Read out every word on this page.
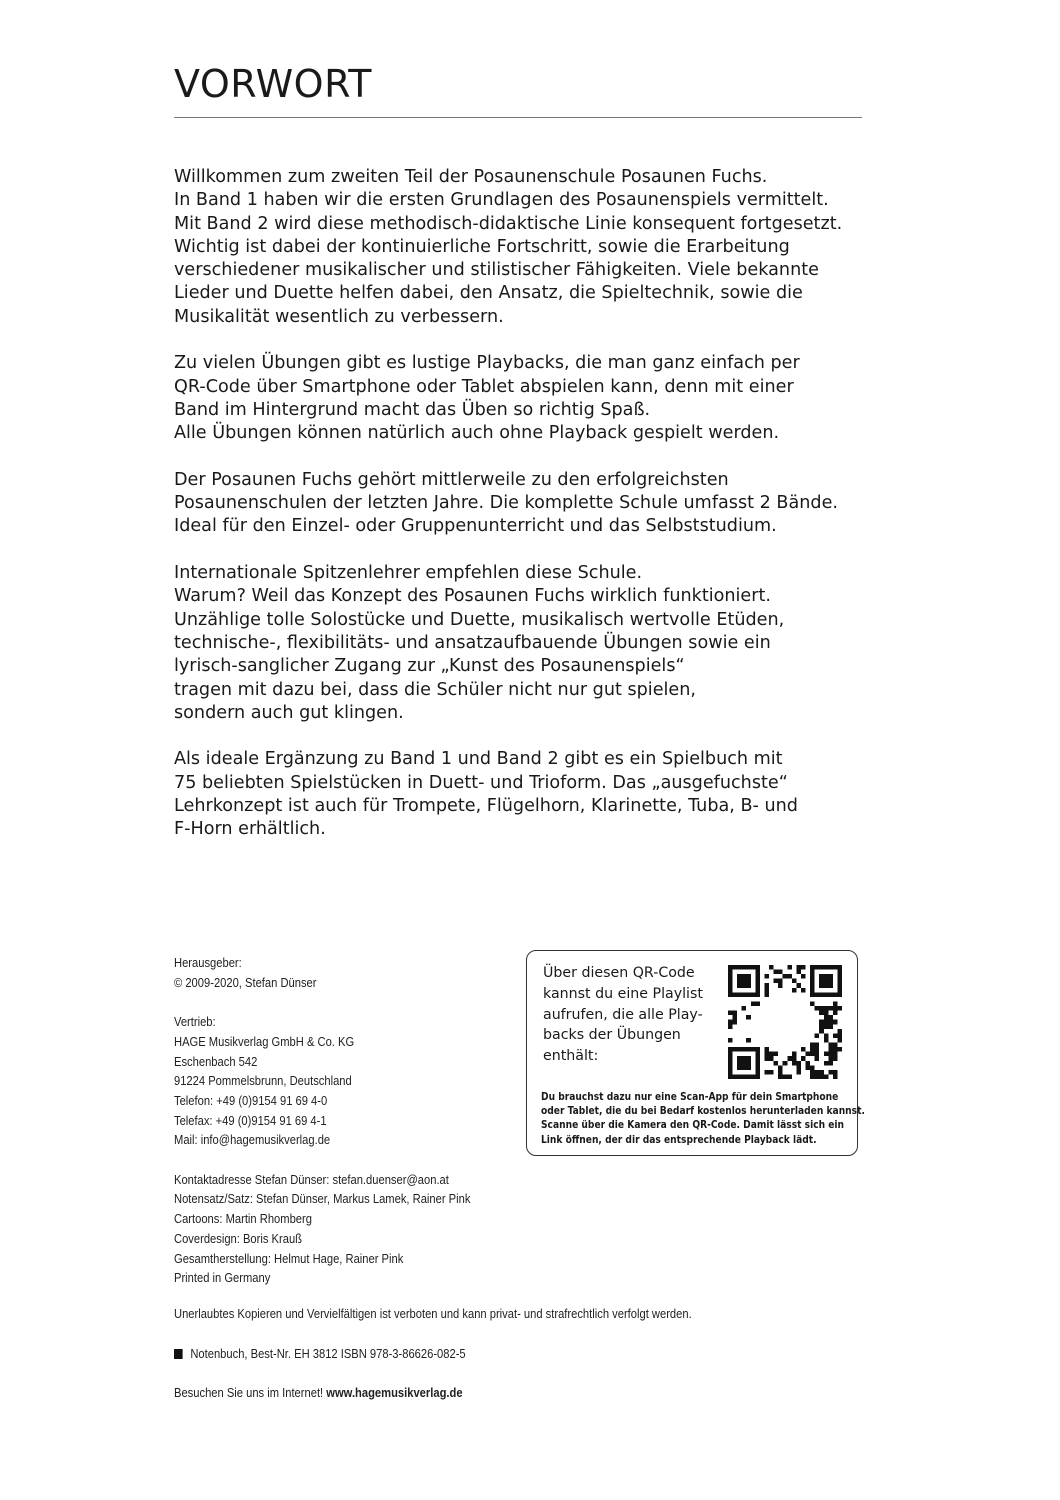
VORWORT

Willkommen zum zweiten Teil der Posaunenschule Posaunen Fuchs.
In Band 1 haben wir die ersten Grundlagen des Posaunenspiels vermittelt.
Mit Band 2 wird diese methodisch-didaktische Linie konsequent fortgesetzt.
Wichtig ist dabei der kontinuierliche Fortschritt, sowie die Erarbeitung
verschiedener musikalischer und stilistischer Fähigkeiten. Viele bekannte
Lieder und Duette helfen dabei, den Ansatz, die Spieltechnik, sowie die
Musikalität wesentlich zu verbessern.

Zu vielen Übungen gibt es lustige Playbacks, die man ganz einfach per
QR-Code über Smartphone oder Tablet abspielen kann, denn mit einer
Band im Hintergrund macht das Üben so richtig Spaß.
Alle Übungen können natürlich auch ohne Playback gespielt werden.

Der Posaunen Fuchs gehört mittlerweile zu den erfolgreichsten
Posaunenschulen der letzten Jahre. Die komplette Schule umfasst 2 Bände.
Ideal für den Einzel- oder Gruppenunterricht und das Selbststudium.

Internationale Spitzenlehrer empfehlen diese Schule.
Warum? Weil das Konzept des Posaunen Fuchs wirklich funktioniert.
Unzählige tolle Solostücke und Duette, musikalisch wertvolle Etüden,
technische-, flexibilitäts- und ansatzaufbauende Übungen sowie ein
lyrisch-sanglicher Zugang zur „Kunst des Posaunenspiels“
tragen mit dazu bei, dass die Schüler nicht nur gut spielen,
sondern auch gut klingen.

Als ideale Ergänzung zu Band 1 und Band 2 gibt es ein Spielbuch mit
75 beliebten Spielstücken in Duett- und Trioform. Das „ausgefuchste“
Lehrkonzept ist auch für Trompete, Flügelhorn, Klarinette, Tuba, B- und
F-Horn erhältlich.

Herausgeber:
© 2009-2020, Stefan Dünser
Vertrieb:
HAGE Musikverlag GmbH & Co. KG
Eschenbach 542
91224 Pommelsbrunn, Deutschland
Telefon: +49 (0)9154 91 69 4-0
Telefax: +49 (0)9154 91 69 4-1
Mail: info@hagemusikverlag.de
Kontaktadresse Stefan Dünser: stefan.duenser@aon.at
Notensatz/Satz: Stefan Dünser, Markus Lamek, Rainer Pink
Cartoons: Martin Rhomberg
Coverdesign: Boris Krauß
Gesamtherstellung: Helmut Hage, Rainer Pink
Printed in Germany
Unerlaubtes Kopieren und Vervielfältigen ist verboten und kann privat- und strafrechtlich verfolgt werden.
Notenbuch, Best-Nr. EH 3812 ISBN 978-3-86626-082-5
Besuchen Sie uns im Internet! www.hagemusikverlag.de
Über diesen QR-Code
kannst du eine Playlist
aufrufen, die alle Play-
backs der Übungen
enthält:
Du brauchst dazu nur eine Scan-App für dein Smartphone
oder Tablet, die du bei Bedarf kostenlos herunterladen kannst.
Scanne über die Kamera den QR-Code. Damit lässt sich ein
Link öffnen, der dir das entsprechende Playback lädt.
